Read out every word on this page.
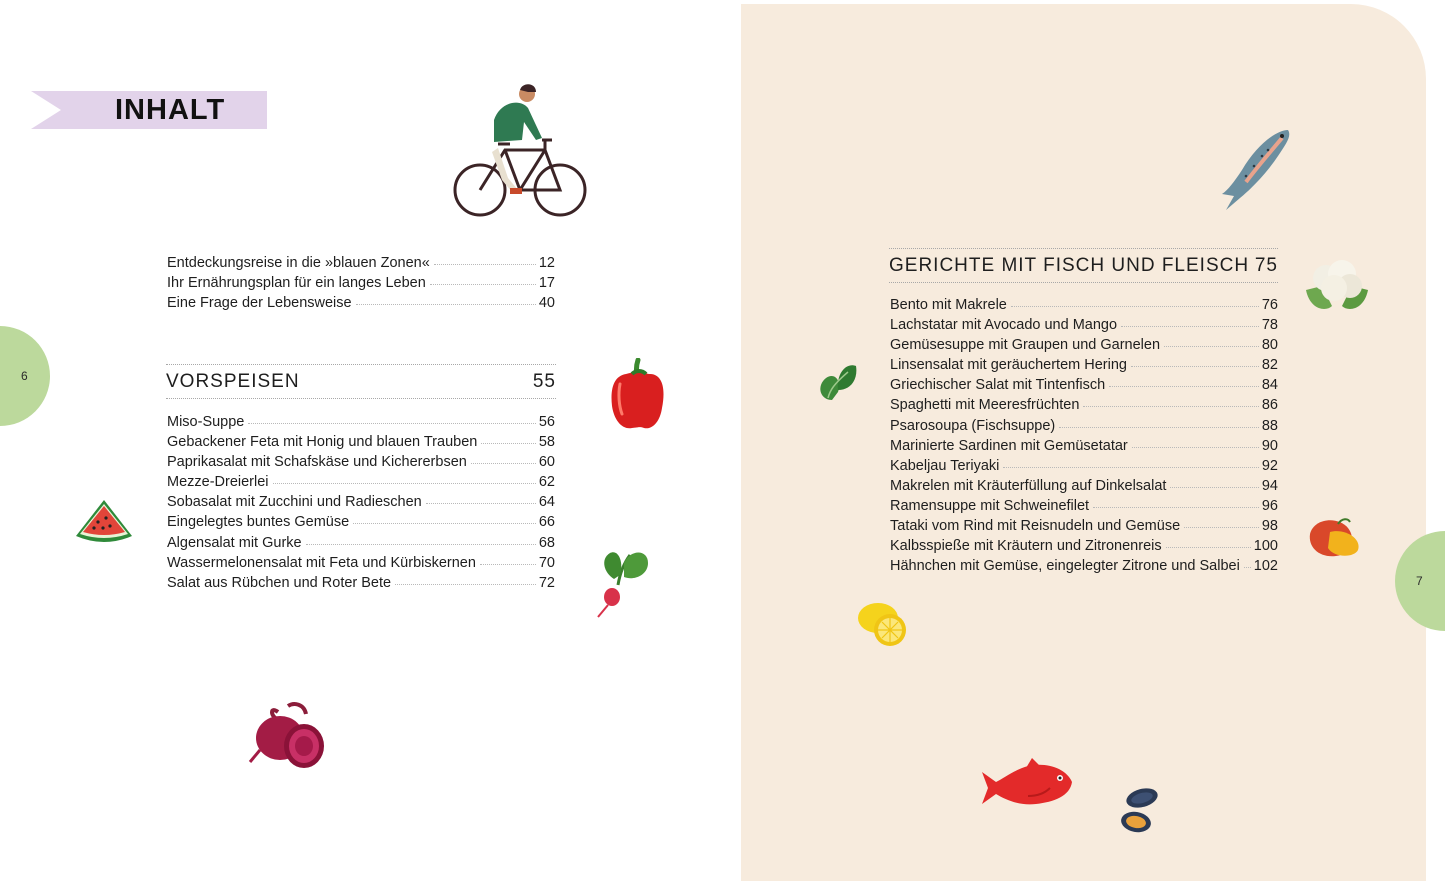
6
7
INHALT
Entdeckungsreise in die »blauen Zonen«	12
Ihr Ernährungsplan für ein langes Leben	17
Eine Frage der Lebensweise	40
VORSPEISEN	55
Miso-Suppe	56
Gebackener Feta mit Honig und blauen Trauben	58
Paprikasalat mit Schafskäse und Kichererbsen	60
Mezze-Dreierlei	62
Sobasalat mit Zucchini und Radieschen	64
Eingelegtes buntes Gemüse	66
Algensalat mit Gurke	68
Wassermelonensalat mit Feta und Kürbiskernen	70
Salat aus Rübchen und Roter Bete	72
GERICHTE MIT FISCH UND FLEISCH 75
Bento mit Makrele	76
Lachstatar mit Avocado und Mango	78
Gemüsesuppe mit Graupen und Garnelen	80
Linsensalat mit geräuchertem Hering	82
Griechischer Salat mit Tintenfisch	84
Spaghetti mit Meeresfrüchten	86
Psarosoupa (Fischsuppe)	88
Marinierte Sardinen mit Gemüsetatar	90
Kabeljau Teriyaki	92
Makrelen mit Kräuterfüllung auf Dinkelsalat	94
Ramensuppe mit Schweinefilet	96
Tataki vom Rind mit Reisnudeln und Gemüse	98
Kalbsspieße mit Kräutern und Zitronenreis	100
Hähnchen mit Gemüse, eingelegter Zitrone und Salbei 102
